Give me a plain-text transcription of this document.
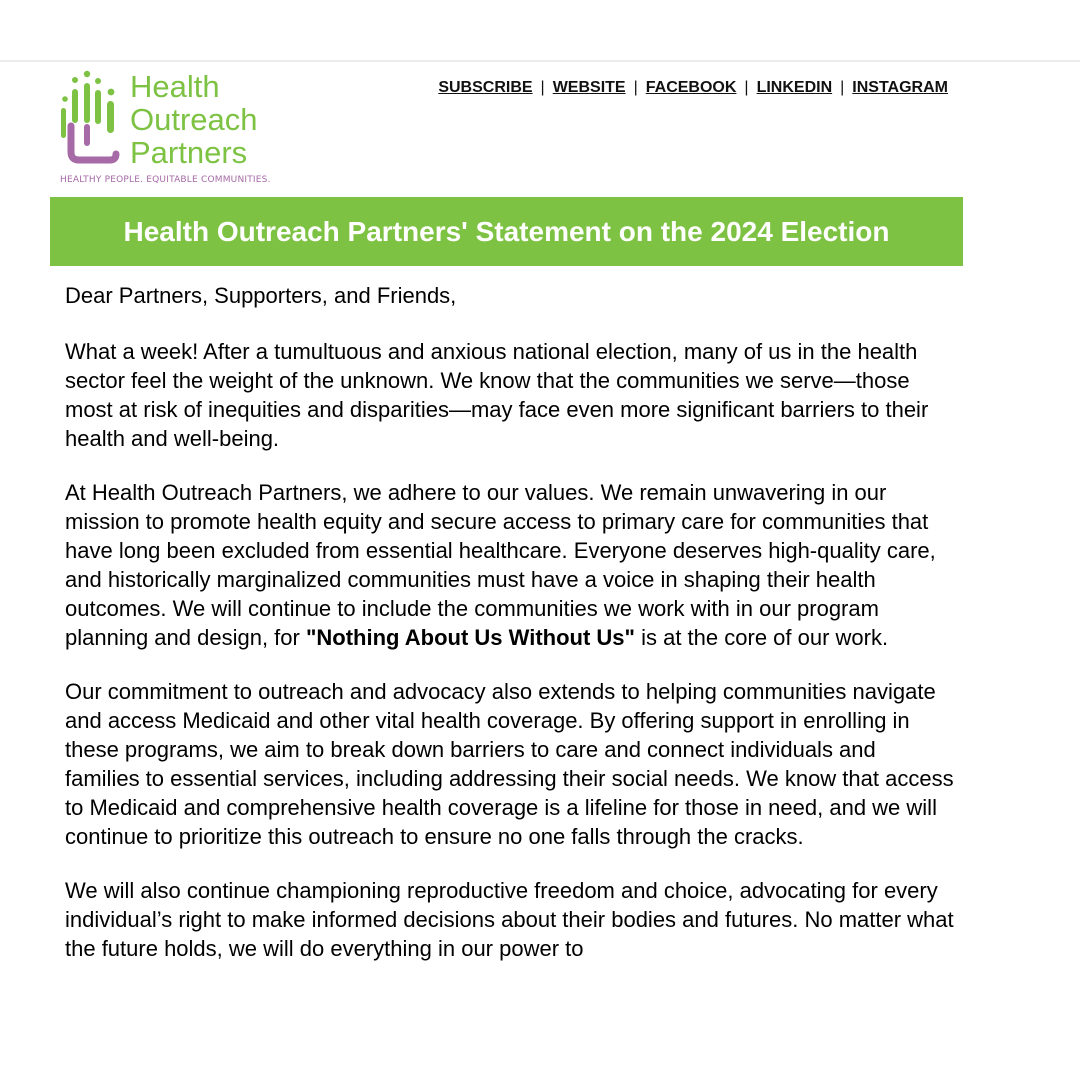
Health
Outreach
Partners
HEALTHY PEOPLE. EQUITABLE COMMUNITIES.
SUBSCRIBE | WEBSITE | FACEBOOK | LINKEDIN | INSTAGRAM
Health Outreach Partners' Statement on the 2024 Election

Dear Partners, Supporters, and Friends,

What a week! After a tumultuous and anxious national election, many of us in the health sector feel the weight of the unknown. We know that the communities we serve—those most at risk of inequities and disparities—may face even more significant barriers to their health and well-being.

At Health Outreach Partners, we adhere to our values. We remain unwavering in our mission to promote health equity and secure access to primary care for communities that have long been excluded from essential healthcare. Everyone deserves high-quality care, and historically marginalized communities must have a voice in shaping their health outcomes. We will continue to include the communities we work with in our program planning and design, for "Nothing About Us Without Us" is at the core of our work.

Our commitment to outreach and advocacy also extends to helping communities navigate and access Medicaid and other vital health coverage. By offering support in enrolling in these programs, we aim to break down barriers to care and connect individuals and families to essential services, including addressing their social needs. We know that access to Medicaid and comprehensive health coverage is a lifeline for those in need, and we will continue to prioritize this outreach to ensure no one falls through the cracks.

We will also continue championing reproductive freedom and choice, advocating for every individual’s right to make informed decisions about their bodies and futures. No matter what the future holds, we will do everything in our power to
